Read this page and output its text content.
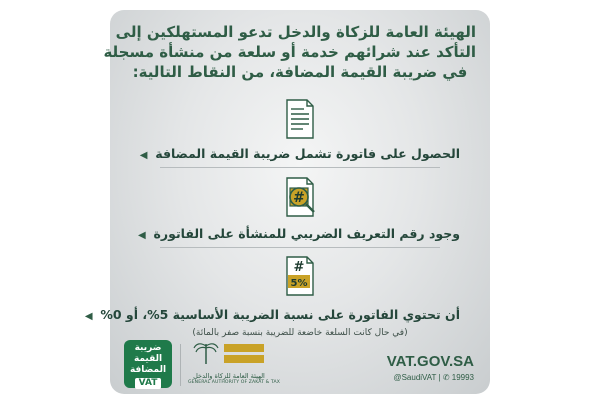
الهيئة العامة للزكاة والدخل تدعو المستهلكين إلى
التأكد عند شرائهم خدمة أو سلعة من منشأة مسجلة
في ضريبة القيمة المضافة، من النقاط التالية:
الحصول على فاتورة تشمل ضريبة القيمة المضافة  ◀
#
وجود رقم التعريف الضريبي للمنشأة على الفاتورة  ◀
#
5%
أن تحتوي الفاتورة على نسبة الضريبة الأساسية 5%، أو 0%  ◀
(في حال كانت السلعة خاضعة للضريبة بنسبة صفر بالمائة)
ضريبة
القيمة
المضافة
VAT
الهيئة العامة للزكاة والدخل
GENERAL AUTHORITY OF ZAKAT & TAX
VAT.GOV.SA
@SaudiVAT | ✆ 19993
